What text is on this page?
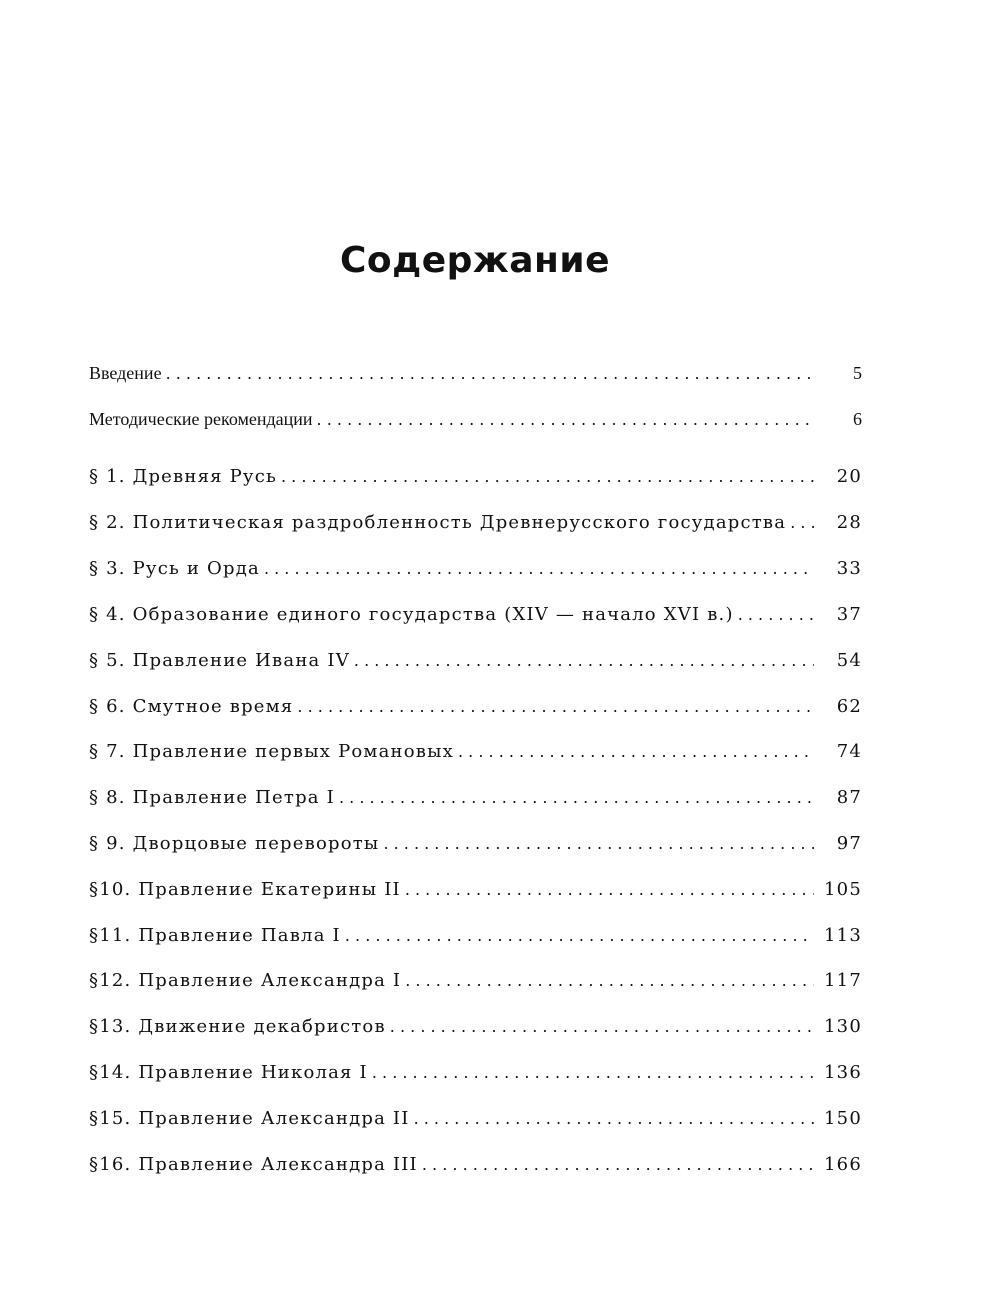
Содержание
Введение . . .	5
Методические рекомендации . . .	6
§ 1. Древняя Русь . . .	20
§ 2. Политическая раздробленность Древнерусского государства . . .	28
§ 3. Русь и Орда . . .	33
§ 4. Образование единого государства (XIV — начало XVI в.) . . .	37
§ 5. Правление Ивана IV . . .	54
§ 6. Смутное время . . .	62
§ 7. Правление первых Романовых . . .	74
§ 8. Правление Петра I . . .	87
§ 9. Дворцовые перевороты . . .	97
§10. Правление Екатерины II . . .	105
§11. Правление Павла I . . .	113
§12. Правление Александра I . . .	117
§13. Движение декабристов . . .	130
§14. Правление Николая I . . .	136
§15. Правление Александра II . . .	150
§16. Правление Александра III . . .	166
